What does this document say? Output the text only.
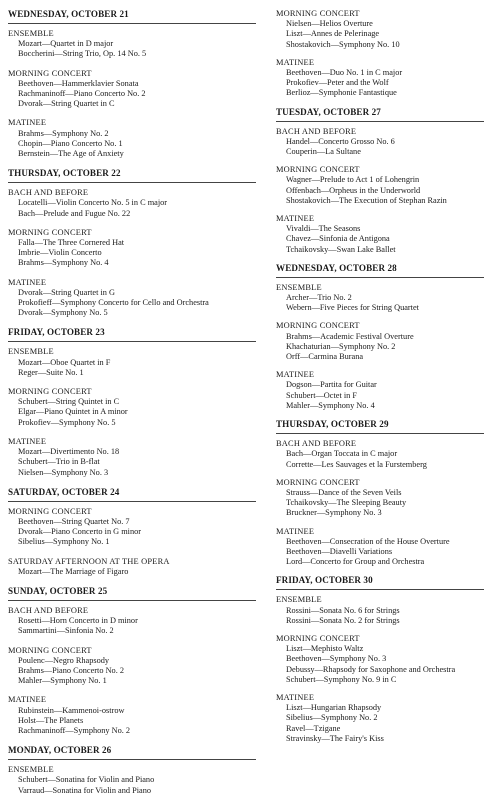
WEDNESDAY, OCTOBER 21
ENSEMBLE
Mozart—Quartet in D major
Boccherini—String Trio, Op. 14 No. 5
MORNING CONCERT
Beethoven—Hammerklavier Sonata
Rachmaninoff—Piano Concerto No. 2
Dvorak—String Quartet in C
MATINEE
Brahms—Symphony No. 2
Chopin—Piano Concerto No. 1
Bernstein—The Age of Anxiety
THURSDAY, OCTOBER 22
BACH AND BEFORE
Locatelli—Violin Concerto No. 5 in C major
Bach—Prelude and Fugue No. 22
MORNING CONCERT
Falla—The Three Cornered Hat
Imbrie—Violin Concerto
Brahms—Symphony No. 4
MATINEE
Dvorak—String Quartet in G
Prokofieff—Symphony Concerto for Cello and Orchestra
Dvorak—Symphony No. 5
FRIDAY, OCTOBER 23
ENSEMBLE
Mozart—Oboe Quartet in F
Reger—Suite No. 1
MORNING CONCERT
Schubert—String Quintet in C
Elgar—Piano Quintet in A minor
Prokofiev—Symphony No. 5
MATINEE
Mozart—Divertimento No. 18
Schubert—Trio in B-flat
Nielsen—Symphony No. 3
SATURDAY, OCTOBER 24
MORNING CONCERT
Beethoven—String Quartet No. 7
Dvorak—Piano Concerto in G minor
Sibelius—Symphony No. 1
SATURDAY AFTERNOON AT THE OPERA
Mozart—The Marriage of Figaro
SUNDAY, OCTOBER 25
BACH AND BEFORE
Rosetti—Horn Concerto in D minor
Sammartini—Sinfonia No. 2
MORNING CONCERT
Poulenc—Negro Rhapsody
Brahms—Piano Concerto No. 2
Mahler—Symphony No. 1
MATINEE
Rubinstein—Kammenoi-ostrow
Holst—The Planets
Rachmaninoff—Symphony No. 2
MONDAY, OCTOBER 26
ENSEMBLE
Schubert—Sonatina for Violin and Piano
Varraud—Sonatina for Violin and Piano
MORNING CONCERT
Nielsen—Helios Overture
Liszt—Annes de Pelerinage
Shostakovich—Symphony No. 10
MATINEE
Beethoven—Duo No. 1 in C major
Prokofiev—Peter and the Wolf
Berlioz—Symphonie Fantastique
TUESDAY, OCTOBER 27
BACH AND BEFORE
Handel—Concerto Grosso No. 6
Couperin—La Sultane
MORNING CONCERT
Wagner—Prelude to Act 1 of Lohengrin
Offenbach—Orpheus in the Underworld
Shostakovich—The Execution of Stephan Razin
MATINEE
Vivaldi—The Seasons
Chavez—Sinfonia de Antigona
Tchaikovsky—Swan Lake Ballet
WEDNESDAY, OCTOBER 28
ENSEMBLE
Archer—Trio No. 2
Webern—Five Pieces for String Quartet
MORNING CONCERT
Brahms—Academic Festival Overture
Khachaturian—Symphony No. 2
Orff—Carmina Burana
MATINEE
Dogson—Partita for Guitar
Schubert—Octet in F
Mahler—Symphony No. 4
THURSDAY, OCTOBER 29
BACH AND BEFORE
Bach—Organ Toccata in C major
Corrette—Les Sauvages et la Furstemberg
MORNING CONCERT
Strauss—Dance of the Seven Veils
Tchaikovsky—The Sleeping Beauty
Bruckner—Symphony No. 3
MATINEE
Beethoven—Consecration of the House Overture
Beethoven—Diavelli Variations
Lord—Concerto for Group and Orchestra
FRIDAY, OCTOBER 30
ENSEMBLE
Rossini—Sonata No. 6 for Strings
Rossini—Sonata No. 2 for Strings
MORNING CONCERT
Liszt—Mephisto Waltz
Beethoven—Symphony No. 3
Debussy—Rhapsody for Saxophone and Orchestra
Schubert—Symphony No. 9 in C
MATINEE
Liszt—Hungarian Rhapsody
Sibelius—Symphony No. 2
Ravel—Tzigane
Stravinsky—The Fairy's Kiss
